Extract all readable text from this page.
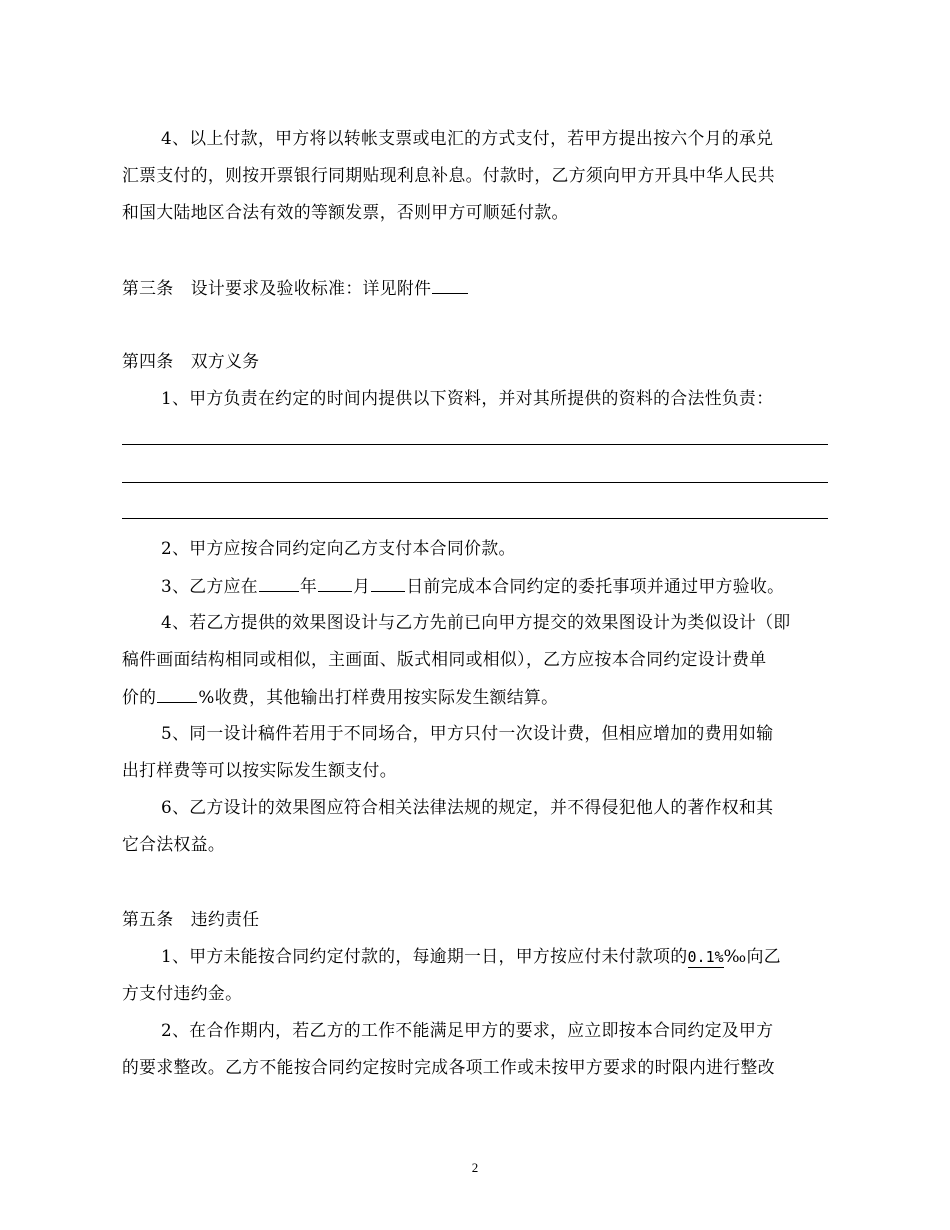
4、以上付款，甲方将以转帐支票或电汇的方式支付，若甲方提出按六个月的承兑
汇票支付的，则按开票银行同期贴现利息补息。付款时，乙方须向甲方开具中华人民共
和国大陆地区合法有效的等额发票，否则甲方可顺延付款。
第三条　设计要求及验收标准：详见附件
第四条　双方义务
1、甲方负责在约定的时间内提供以下资料，并对其所提供的资料的合法性负责：
2、甲方应按合同约定向乙方支付本合同价款。
3、乙方应在	年 月 日前完成本合同约定的委托事项并通过甲方验收。
4、若乙方提供的效果图设计与乙方先前已向甲方提交的效果图设计为类似设计（即
稿件画面结构相同或相似，主画面、版式相同或相似），乙方应按本合同约定设计费单
价的	%收费，其他输出打样费用按实际发生额结算。
5、同一设计稿件若用于不同场合，甲方只付一次设计费，但相应增加的费用如输
出打样费等可以按实际发生额支付。
6、乙方设计的效果图应符合相关法律法规的规定，并不得侵犯他人的著作权和其
它合法权益。
第五条　违约责任
1、甲方未能按合同约定付款的，每逾期一日，甲方按应付未付款项的0.1%‰向乙
方支付违约金。
2、在合作期内，若乙方的工作不能满足甲方的要求，应立即按本合同约定及甲方
的要求整改。乙方不能按合同约定按时完成各项工作或未按甲方要求的时限内进行整改
2
